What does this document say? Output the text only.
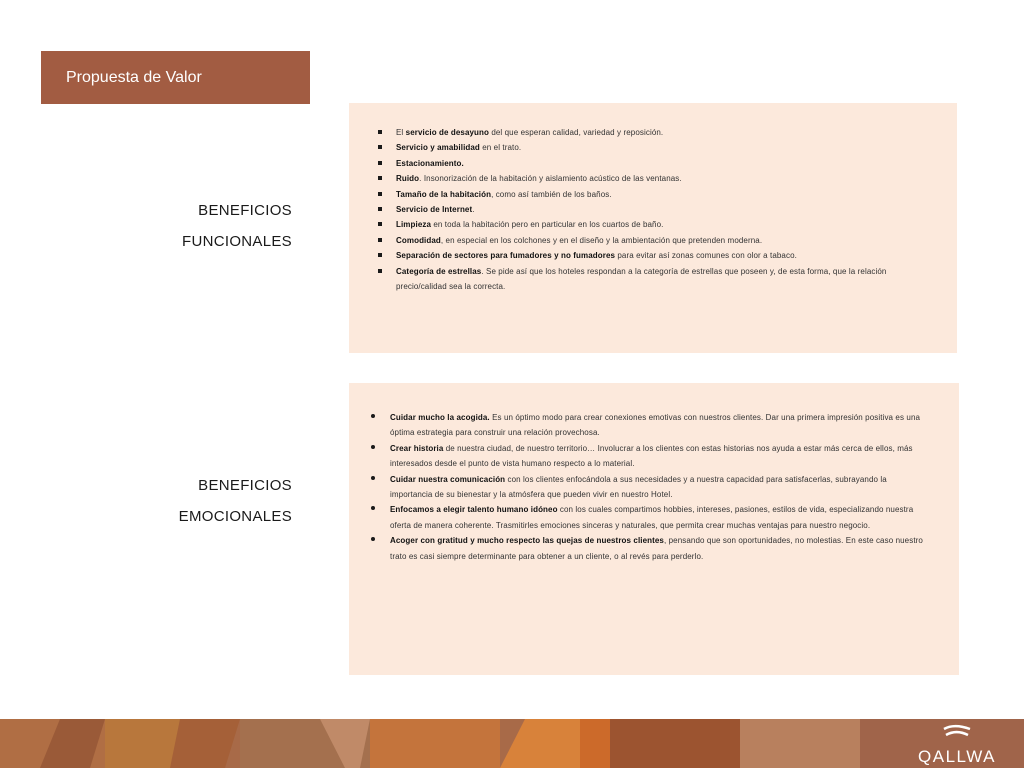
Propuesta de Valor
BENEFICIOS
FUNCIONALES
El servicio de desayuno del que esperan calidad, variedad y reposición.
Servicio y amabilidad en el trato.
Estacionamiento.
Ruido. Insonorización de la habitación y aislamiento acústico de las ventanas.
Tamaño de la habitación, como así también de los baños.
Servicio de Internet.
Limpieza en toda la habitación pero en particular en los cuartos de baño.
Comodidad, en especial en los colchones y en el diseño y la ambientación que pretenden moderna.
Separación de sectores para fumadores y no fumadores para evitar así zonas comunes con olor a tabaco.
Categoría de estrellas. Se pide así que los hoteles respondan a la categoría de estrellas que poseen y, de esta forma, que la relación precio/calidad sea la correcta.
BENEFICIOS
EMOCIONALES
Cuidar mucho la acogida. Es un óptimo modo para crear conexiones emotivas con nuestros clientes. Dar una primera impresión positiva es una óptima estrategia para construir una relación provechosa.
Crear historia de nuestra ciudad, de nuestro territorio… Involucrar a los clientes con estas historias nos ayuda a estar más cerca de ellos, más interesados desde el punto de vista humano respecto a lo material.
Cuidar nuestra comunicación con los clientes enfocándola a sus necesidades y a nuestra capacidad para satisfacerlas, subrayando la importancia de su bienestar y la atmósfera que pueden vivir en nuestro Hotel.
Enfocamos a elegir talento humano idóneo con los cuales compartimos hobbies, intereses, pasiones, estilos de vida, especializando nuestra oferta de manera coherente. Trasmitirles emociones sinceras y naturales, que permita crear muchas ventajas para nuestro negocio.
Acoger con gratitud y mucho respecto las quejas de nuestros clientes, pensando que son oportunidades, no molestias. En este caso nuestro trato es casi siempre determinante para obtener a un cliente, o al revés para perderlo.
QALLWA
